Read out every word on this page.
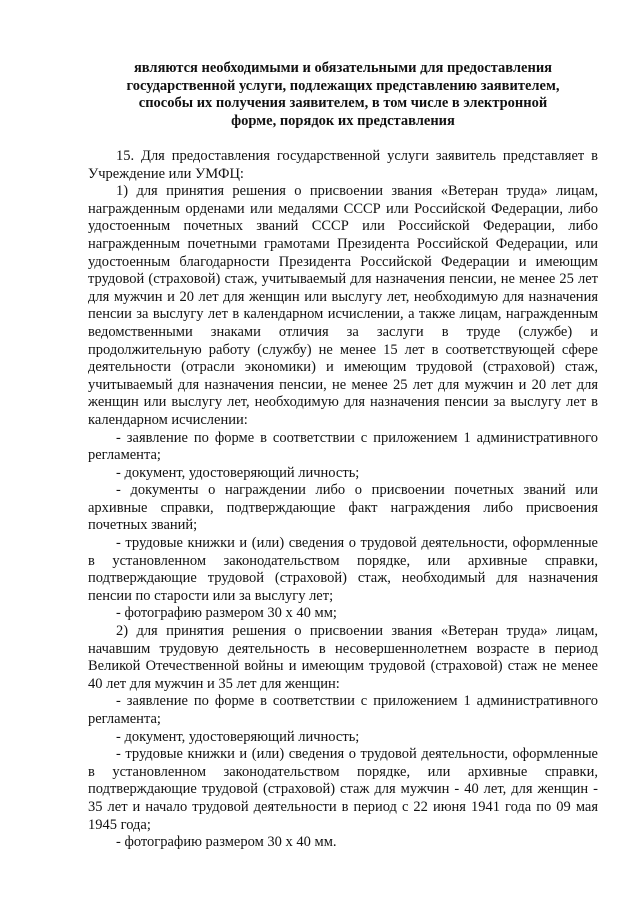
являются необходимыми и обязательными для предоставления
государственной услуги, подлежащих представлению заявителем,
способы их получения заявителем, в том числе в электронной
форме, порядок их представления

15. Для предоставления государственной услуги заявитель представляет в Учреждение или УМФЦ:

1) для принятия решения о присвоении звания «Ветеран труда» лицам, награжденным орденами или медалями СССР или Российской Федерации, либо удостоенным почетных званий СССР или Российской Федерации, либо награжденным почетными грамотами Президента Российской Федерации, или удостоенным благодарности Президента Российской Федерации и имеющим трудовой (страховой) стаж, учитываемый для назначения пенсии, не менее 25 лет для мужчин и 20 лет для женщин или выслугу лет, необходимую для назначения пенсии за выслугу лет в календарном исчислении, а также лицам, награжденным ведомственными знаками отличия за заслуги в труде (службе) и продолжительную работу (службу) не менее 15 лет в соответствующей сфере деятельности (отрасли экономики) и имеющим трудовой (страховой) стаж, учитываемый для назначения пенсии, не менее 25 лет для мужчин и 20 лет для женщин или выслугу лет, необходимую для назначения пенсии за выслугу лет в календарном исчислении:

- заявление по форме в соответствии с приложением 1 административного регламента;

- документ, удостоверяющий личность;

- документы о награждении либо о присвоении почетных званий или архивные справки, подтверждающие факт награждения либо присвоения почетных званий;

- трудовые книжки и (или) сведения о трудовой деятельности, оформленные в установленном законодательством порядке, или архивные справки, подтверждающие трудовой (страховой) стаж, необходимый для назначения пенсии по старости или за выслугу лет;

- фотографию размером 30 х 40 мм;

2) для принятия решения о присвоении звания «Ветеран труда» лицам, начавшим трудовую деятельность в несовершеннолетнем возрасте в период Великой Отечественной войны и имеющим трудовой (страховой) стаж не менее 40 лет для мужчин и 35 лет для женщин:

- заявление по форме в соответствии с приложением 1 административного регламента;

- документ, удостоверяющий личность;

- трудовые книжки и (или) сведения о трудовой деятельности, оформленные в установленном законодательством порядке, или архивные справки, подтверждающие трудовой (страховой) стаж для мужчин - 40 лет, для женщин - 35 лет и начало трудовой деятельности в период с 22 июня 1941 года по 09 мая 1945 года;

- фотографию размером 30 х 40 мм.
